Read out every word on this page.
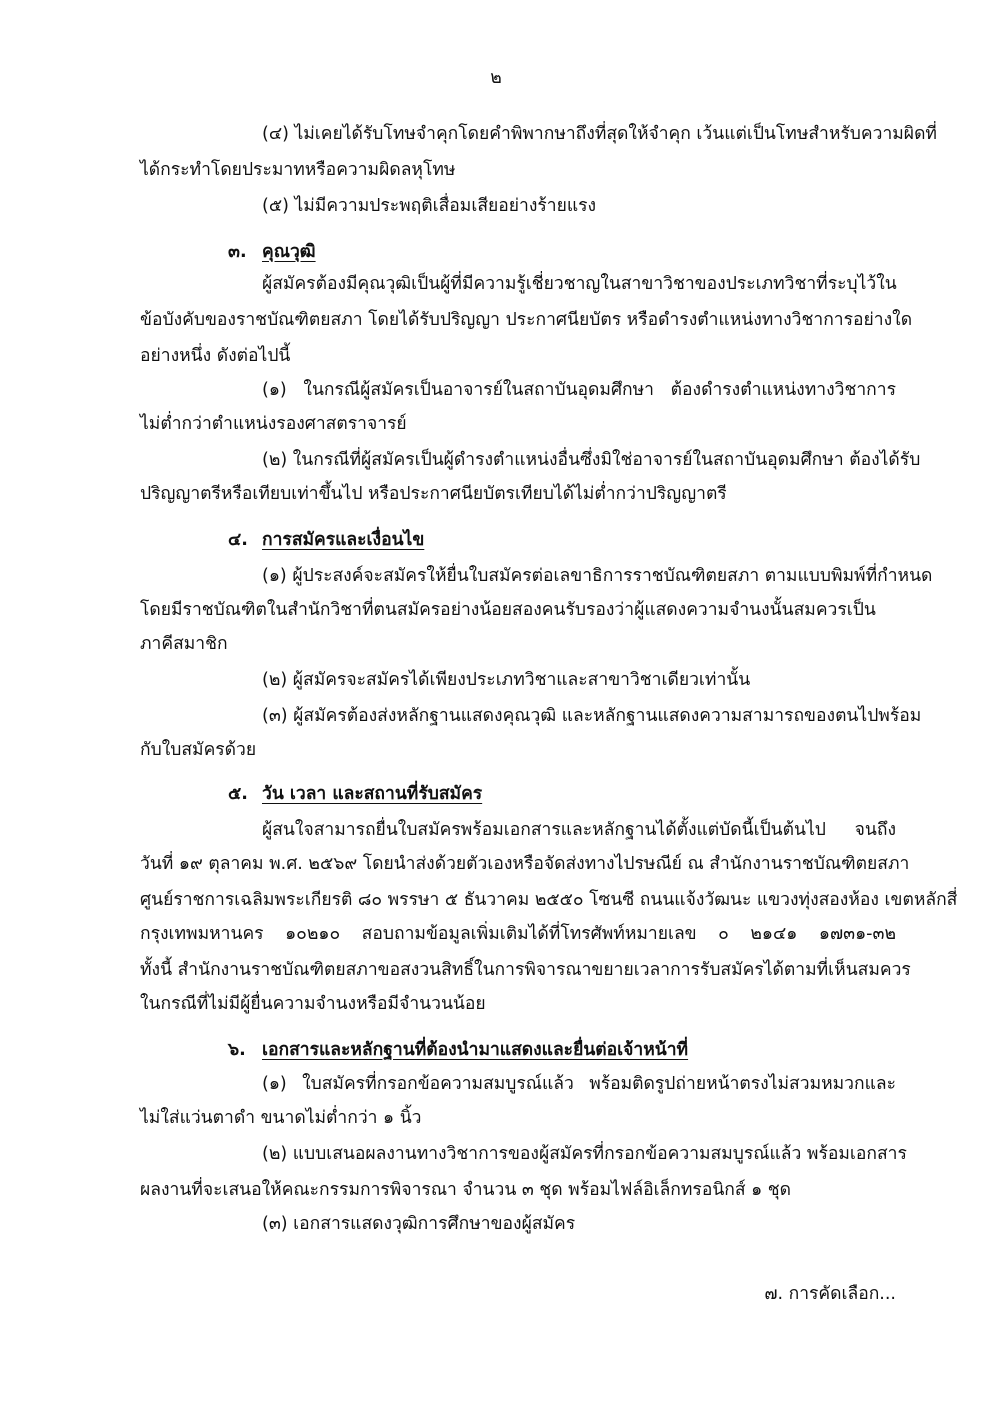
๒
(๔) ไม่เคยได้รับโทษจำคุกโดยคำพิพากษาถึงที่สุดให้จำคุก เว้นแต่เป็นโทษสำหรับความผิดที่
ได้กระทำโดยประมาทหรือความผิดลหุโทษ
(๕) ไม่มีความประพฤติเสื่อมเสียอย่างร้ายแรง
๓. คุณวุฒิ
ผู้สมัครต้องมีคุณวุฒิเป็นผู้ที่มีความรู้เชี่ยวชาญในสาขาวิชาของประเภทวิชาที่ระบุไว้ใน
ข้อบังคับของราชบัณฑิตยสภา โดยได้รับปริญญา ประกาศนียบัตร หรือดำรงตำแหน่งทางวิชาการอย่างใด
อย่างหนึ่ง ดังต่อไปนี้
(๑) ในกรณีผู้สมัครเป็นอาจารย์ในสถาบันอุดมศึกษา ต้องดำรงตำแหน่งทางวิชาการ
ไม่ต่ำกว่าตำแหน่งรองศาสตราจารย์
(๒) ในกรณีที่ผู้สมัครเป็นผู้ดำรงตำแหน่งอื่นซึ่งมิใช่อาจารย์ในสถาบันอุดมศึกษา ต้องได้รับ
ปริญญาตรีหรือเทียบเท่าขึ้นไป หรือประกาศนียบัตรเทียบได้ไม่ต่ำกว่าปริญญาตรี
๔. การสมัครและเงื่อนไข
(๑) ผู้ประสงค์จะสมัครให้ยื่นใบสมัครต่อเลขาธิการราชบัณฑิตยสภา ตามแบบพิมพ์ที่กำหนด
โดยมีราชบัณฑิตในสำนักวิชาที่ตนสมัครอย่างน้อยสองคนรับรองว่าผู้แสดงความจำนงนั้นสมควรเป็น
ภาคีสมาชิก
(๒) ผู้สมัครจะสมัครได้เพียงประเภทวิชาและสาขาวิชาเดียวเท่านั้น
(๓) ผู้สมัครต้องส่งหลักฐานแสดงคุณวุฒิ และหลักฐานแสดงความสามารถของตนไปพร้อม
กับใบสมัครด้วย
๕. วัน เวลา และสถานที่รับสมัคร
ผู้สนใจสามารถยื่นใบสมัครพร้อมเอกสารและหลักฐานได้ตั้งแต่บัดนี้เป็นต้นไป จนถึง
วันที่ ๑๙ ตุลาคม พ.ศ. ๒๕๖๙ โดยนำส่งด้วยตัวเองหรือจัดส่งทางไปรษณีย์ ณ สำนักงานราชบัณฑิตยสภา
ศูนย์ราชการเฉลิมพระเกียรติ ๘๐ พรรษา ๕ ธันวาคม ๒๕๕๐ โซนซี ถนนแจ้งวัฒนะ แขวงทุ่งสองห้อง เขตหลักสี่
กรุงเทพมหานคร ๑๐๒๑๐ สอบถามข้อมูลเพิ่มเติมได้ที่โทรศัพท์หมายเลข ๐ ๒๑๔๑ ๑๗๓๑-๓๒
ทั้งนี้ สำนักงานราชบัณฑิตยสภาขอสงวนสิทธิ์ในการพิจารณาขยายเวลาการรับสมัครได้ตามที่เห็นสมควร
ในกรณีที่ไม่มีผู้ยื่นความจำนงหรือมีจำนวนน้อย
๖. เอกสารและหลักฐานที่ต้องนำมาแสดงและยื่นต่อเจ้าหน้าที่
(๑) ใบสมัครที่กรอกข้อความสมบูรณ์แล้ว พร้อมติดรูปถ่ายหน้าตรงไม่สวมหมวกและ
ไม่ใส่แว่นตาดำ ขนาดไม่ต่ำกว่า ๑ นิ้ว
(๒) แบบเสนอผลงานทางวิชาการของผู้สมัครที่กรอกข้อความสมบูรณ์แล้ว พร้อมเอกสาร
ผลงานที่จะเสนอให้คณะกรรมการพิจารณา จำนวน ๓ ชุด พร้อมไฟล์อิเล็กทรอนิกส์ ๑ ชุด
(๓) เอกสารแสดงวุฒิการศึกษาของผู้สมัคร
๗. การคัดเลือก...
